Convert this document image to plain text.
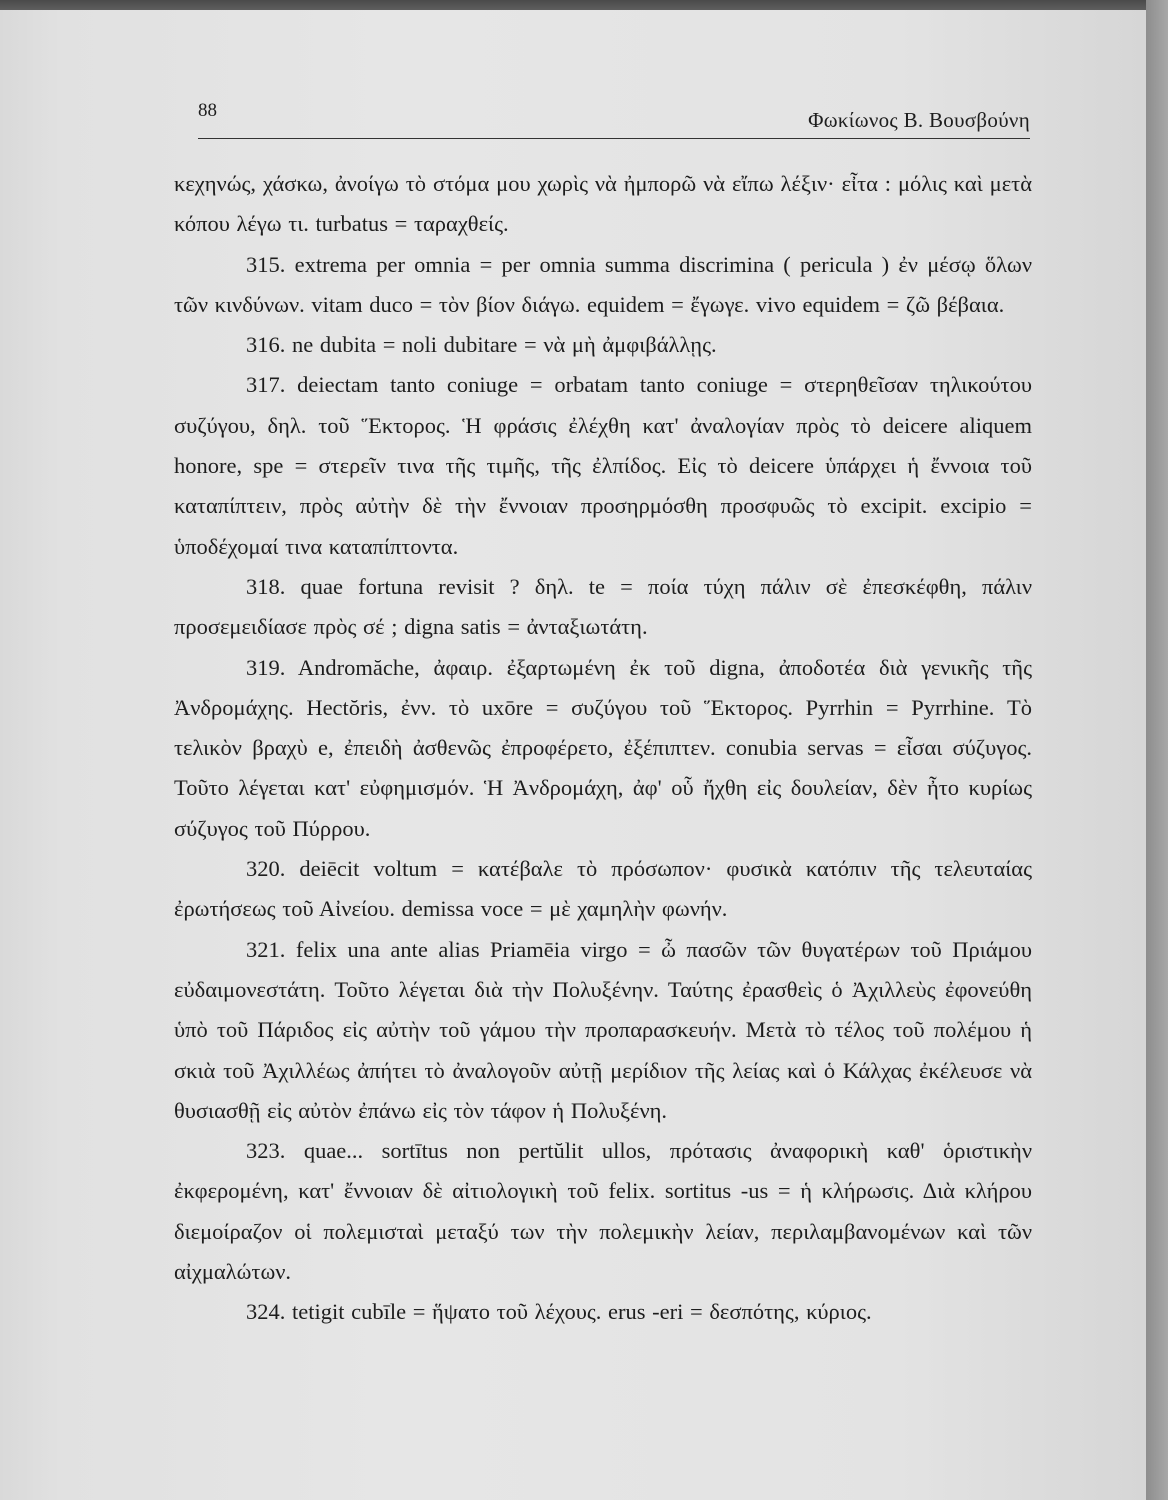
88	Φωκίωνος Β. Βουσβούνη

κεχηνώς, χάσκω, ἀνοίγω τὸ στόμα μου χωρὶς νὰ ἠμπορῶ νὰ εἴπω λέξιν· εἶτα : μόλις καὶ μετὰ κόπου λέγω τι. turbatus = ταραχθείς.

315. extrema per omnia = per omnia summa discrimina ( pericula ) ἐν μέσῳ ὅλων τῶν κινδύνων. vitam duco = τὸν βίον διάγω. equidem = ἔγωγε. vivo equidem = ζῶ βέβαια.

316. ne dubita = noli dubitare = νὰ μὴ ἀμφιβάλλῃς.

317. deiectam tanto coniuge = orbatam tanto coniuge = στερηθεῖσαν τηλικούτου συζύγου, δηλ. τοῦ Ἕκτορος. Ἡ φράσις ἐλέχθη κατ' ἀναλογίαν πρὸς τὸ deicere aliquem honore, spe = στερεῖν τινα τῆς τιμῆς, τῆς ἐλπίδος. Εἰς τὸ deicere ὑπάρχει ἡ ἔννοια τοῦ καταπίπτειν, πρὸς αὐτὴν δὲ τὴν ἔννοιαν προσηρμόσθη προσφυῶς τὸ excipit. excipio = ὑποδέχομαί τινα καταπίπτοντα.

318. quae fortuna revisit ? δηλ. te = ποία τύχη πάλιν σὲ ἐπεσκέφθη, πάλιν προσεμειδίασε πρὸς σέ ; digna satis = ἀνταξιωτάτη.

319. Andromăche, ἀφαιρ. ἐξαρτωμένη ἐκ τοῦ digna, ἀποδοτέα διὰ γενικῆς τῆς Ἀνδρομάχης. Hectŏris, ἐνν. τὸ uxōre = συζύγου τοῦ Ἕκτορος. Pyrrhin = Pyrrhine. Τὸ τελικὸν βραχὺ e, ἐπειδὴ ἀσθενῶς ἐπροφέρετο, ἐξέπιπτεν. conubia servas = εἶσαι σύζυγος. Τοῦτο λέγεται κατ' εὐφημισμόν. Ἡ Ἀνδρομάχη, ἀφ' οὗ ἤχθη εἰς δουλείαν, δὲν ἦτο κυρίως σύζυγος τοῦ Πύρρου.

320. deiēcit voltum = κατέβαλε τὸ πρόσωπον· φυσικὰ κατόπιν τῆς τελευταίας ἐρωτήσεως τοῦ Αἰνείου. demissa voce = μὲ χαμηλὴν φωνήν.

321. felix una ante alias Priamēia virgo = ὦ πασῶν τῶν θυγατέρων τοῦ Πριάμου εὐδαιμονεστάτη. Τοῦτο λέγεται διὰ τὴν Πολυξένην. Ταύτης ἐρασθεὶς ὁ Ἀχιλλεὺς ἐφονεύθη ὑπὸ τοῦ Πάριδος εἰς αὐτὴν τοῦ γάμου τὴν προπαρασκευήν. Μετὰ τὸ τέλος τοῦ πολέμου ἡ σκιὰ τοῦ Ἀχιλλέως ἀπήτει τὸ ἀναλογοῦν αὐτῇ μερίδιον τῆς λείας καὶ ὁ Κάλχας ἐκέλευσε νὰ θυσιασθῇ εἰς αὐτὸν ἐπάνω εἰς τὸν τάφον ἡ Πολυξένη.

323. quae... sortītus non pertŭlit ullos, πρότασις ἀναφορικὴ καθ' ὁριστικὴν ἐκφερομένη, κατ' ἔννοιαν δὲ αἰτιολογικὴ τοῦ felix. sortitus -us = ἡ κλήρωσις. Διὰ κλήρου διεμοίραζον οἱ πολεμισταὶ μεταξύ των τὴν πολεμικὴν λείαν, περιλαμβανομένων καὶ τῶν αἰχμαλώτων.

324. tetigit cubīle = ἥψατο τοῦ λέχους. erus -eri = δεσπότης, κύριος.
